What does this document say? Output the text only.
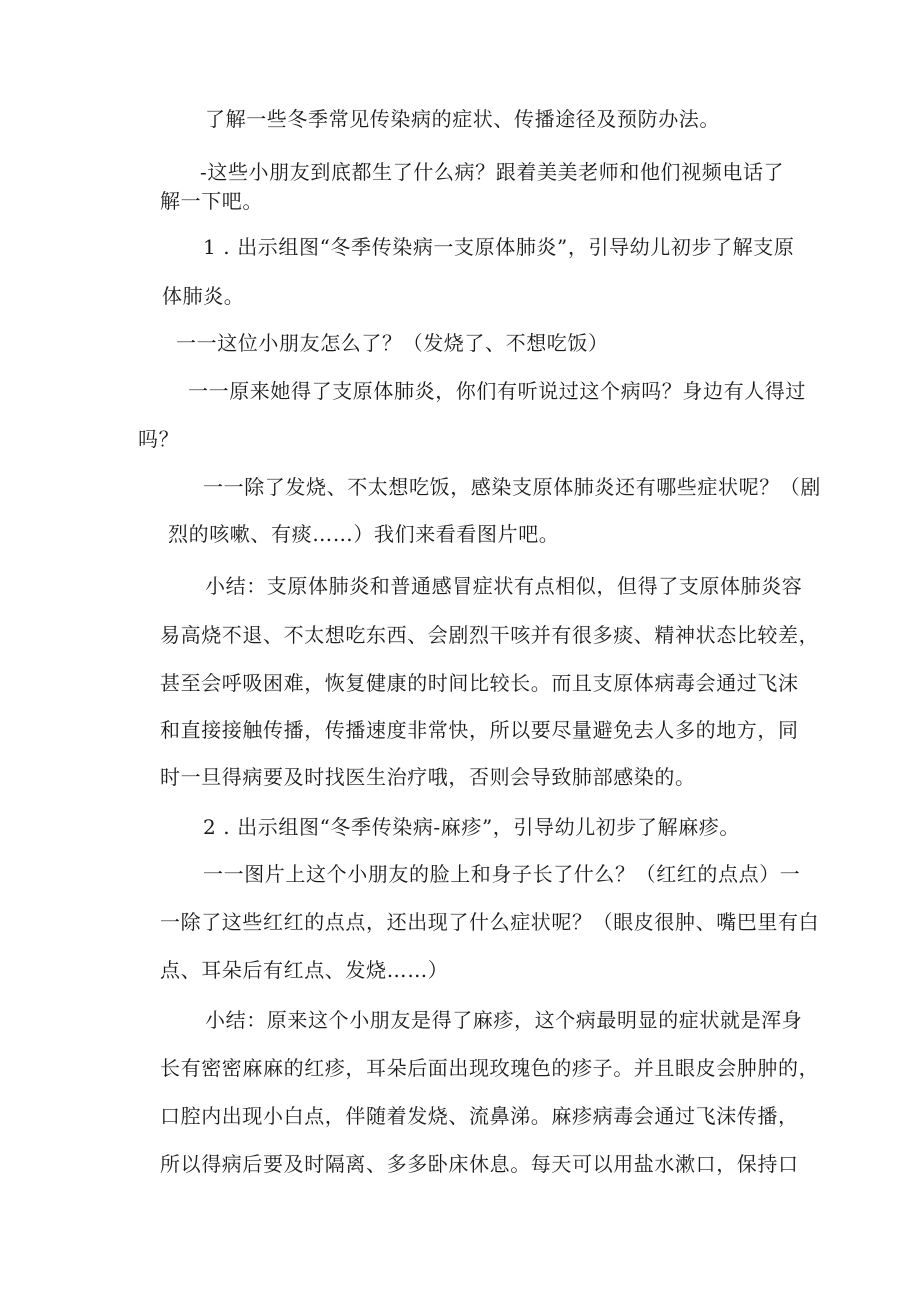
了解一些冬季常见传染病的症状、传播途径及预防办法。
-这些小朋友到底都生了什么病？跟着美美老师和他们视频电话了
解一下吧。
1 . 出示组图“冬季传染病一支原体肺炎”，引导幼儿初步了解支原
体肺炎。
一一这位小朋友怎么了？（发烧了、不想吃饭）
一一原来她得了支原体肺炎，你们有听说过这个病吗？身边有人得过
吗？
一一除了发烧、不太想吃饭，感染支原体肺炎还有哪些症状呢？（剧
烈的咳嗽、有痰……）我们来看看图片吧。
小结：支原体肺炎和普通感冒症状有点相似，但得了支原体肺炎容
易高烧不退、不太想吃东西、会剧烈干咳并有很多痰、精神状态比较差，
甚至会呼吸困难，恢复健康的时间比较长。而且支原体病毒会通过飞沫
和直接接触传播，传播速度非常快，所以要尽量避免去人多的地方，同
时一旦得病要及时找医生治疗哦，否则会导致肺部感染的。
2 . 出示组图“冬季传染病-麻疹”，引导幼儿初步了解麻疹。
一一图片上这个小朋友的脸上和身子长了什么？（红红的点点）一
一除了这些红红的点点，还出现了什么症状呢？（眼皮很肿、嘴巴里有白
点、耳朵后有红点、发烧……）
小结：原来这个小朋友是得了麻疹，这个病最明显的症状就是浑身
长有密密麻麻的红疹，耳朵后面出现玫瑰色的疹子。并且眼皮会肿肿的，
口腔内出现小白点，伴随着发烧、流鼻涕。麻疹病毒会通过飞沫传播，
所以得病后要及时隔离、多多卧床休息。每天可以用盐水漱口，保持口
